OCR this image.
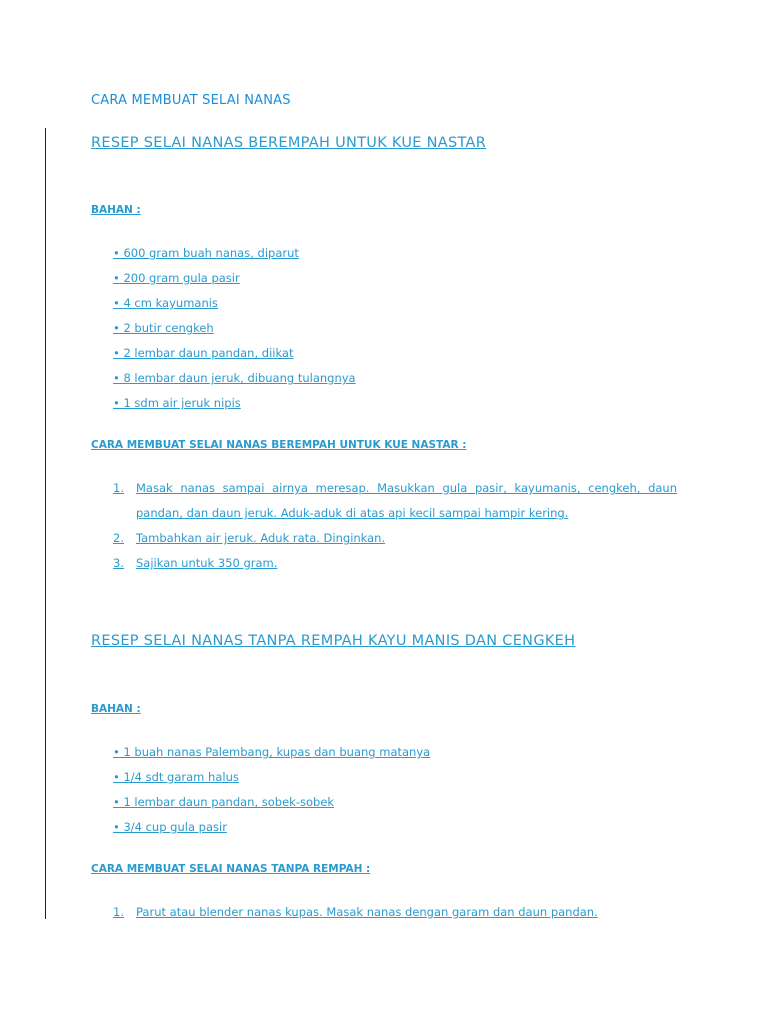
CARA MEMBUAT SELAI NANAS
RESEP SELAI NANAS BEREMPAH UNTUK KUE NASTAR
BAHAN :
• 600 gram buah nanas, diparut
• 200 gram gula pasir
• 4 cm kayumanis
• 2 butir cengkeh
• 2 lembar daun pandan, diikat
• 8 lembar daun jeruk, dibuang tulangnya
• 1 sdm air jeruk nipis
CARA MEMBUAT SELAI NANAS BEREMPAH UNTUK KUE NASTAR :
1. Masak nanas sampai airnya meresap. Masukkan gula pasir, kayumanis, cengkeh, daun pandan, dan daun jeruk. Aduk-aduk di atas api kecil sampai hampir kering.
2. Tambahkan air jeruk. Aduk rata. Dinginkan.
3. Sajikan untuk 350 gram.
RESEP SELAI NANAS TANPA REMPAH KAYU MANIS DAN CENGKEH
BAHAN :
• 1 buah nanas Palembang, kupas dan buang matanya
• 1/4 sdt garam halus
• 1 lembar daun pandan, sobek-sobek
• 3/4 cup gula pasir
CARA MEMBUAT SELAI NANAS TANPA REMPAH :
1. Parut atau blender nanas kupas. Masak nanas dengan garam dan daun pandan.
